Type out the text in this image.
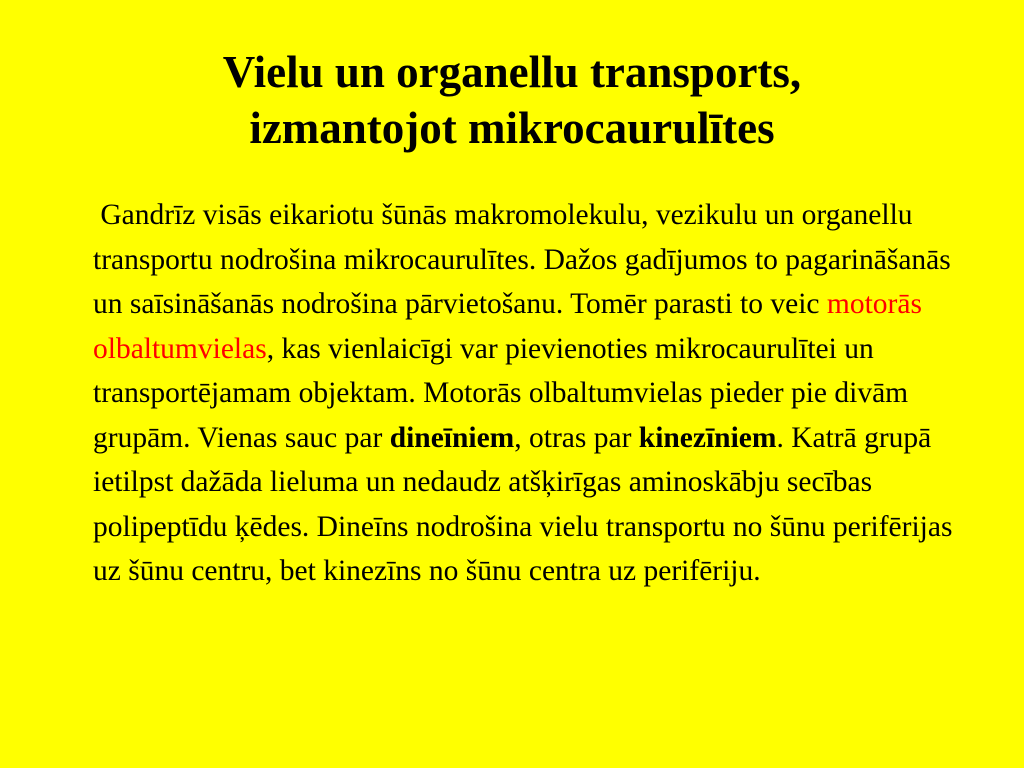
Vielu un organellu transports,
izmantojot mikrocaurulītes

Gandrīz visās eikariotu šūnās makromolekulu, vezikulu un organellu transportu nodrošina mikrocaurulītes. Dažos gadījumos to pagarināšanās un saīsināšanās nodrošina pārvietošanu. Tomēr parasti to veic motorās olbaltumvielas, kas vienlaicīgi var pievienoties mikrocaurulītei un transportējamam objektam. Motorās olbaltumvielas pieder pie divām grupām. Vienas sauc par dineīniem, otras par kinezīniem. Katrā grupā ietilpst dažāda lieluma un nedaudz atšķirīgas aminoskābju secības polipeptīdu ķēdes. Dineīns nodrošina vielu transportu no šūnu perifērijas uz šūnu centru, bet kinezīns no šūnu centra uz perifēriju.
